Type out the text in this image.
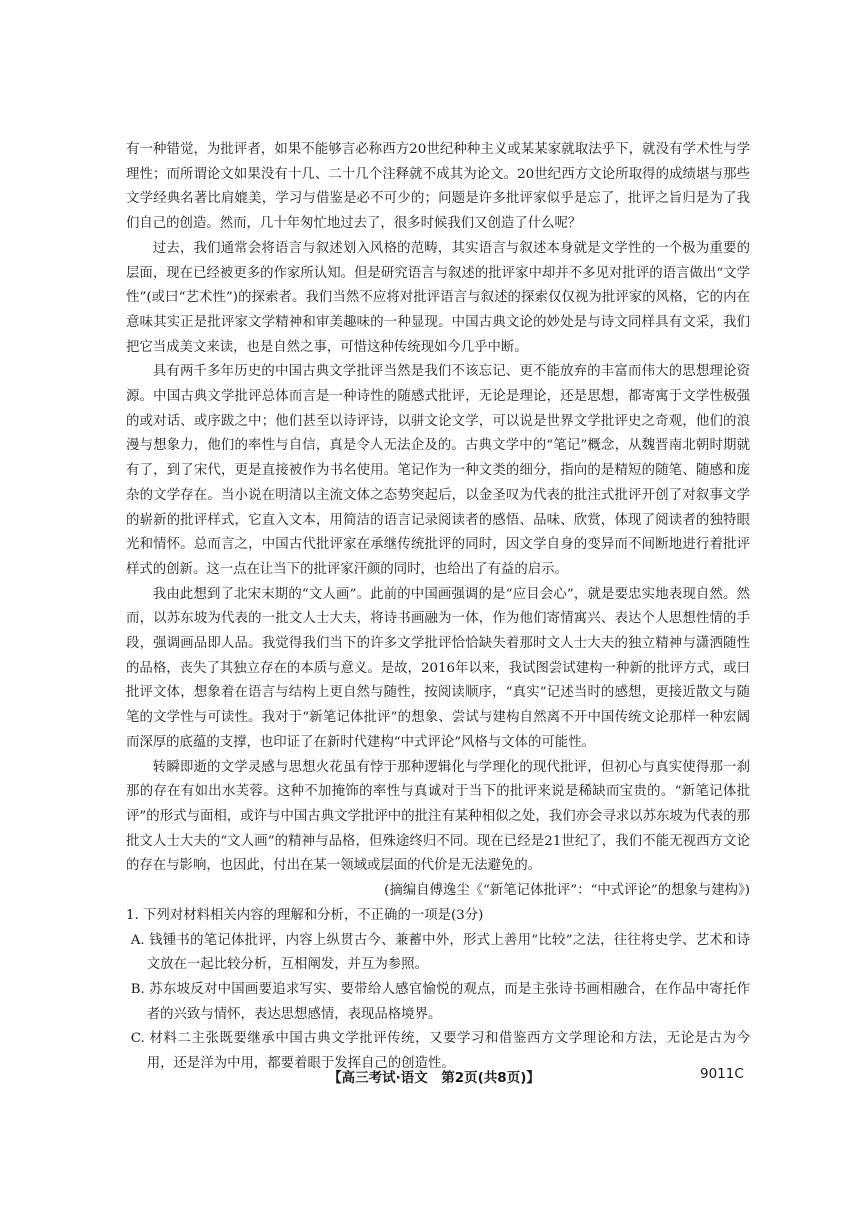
有一种错觉，为批评者，如果不能够言必称西方20世纪种种主义或某某家就取法乎下，就没有学术性与学理性；而所谓论文如果没有十几、二十几个注释就不成其为论文。20世纪西方文论所取得的成绩堪与那些文学经典名著比肩媲美，学习与借鉴是必不可少的；问题是许多批评家似乎是忘了，批评之旨归是为了我们自己的创造。然而，几十年匆忙地过去了，很多时候我们又创造了什么呢？

过去，我们通常会将语言与叙述划入风格的范畴，其实语言与叙述本身就是文学性的一个极为重要的层面，现在已经被更多的作家所认知。但是研究语言与叙述的批评家中却并不多见对批评的语言做出“文学性”(或曰“艺术性”)的探索者。我们当然不应将对批评语言与叙述的探索仅仅视为批评家的风格，它的内在意味其实正是批评家文学精神和审美趣味的一种显现。中国古典文论的妙处是与诗文同样具有文采，我们把它当成美文来读，也是自然之事，可惜这种传统现如今几乎中断。

具有两千多年历史的中国古典文学批评当然是我们不该忘记、更不能放弃的丰富而伟大的思想理论资源。中国古典文学批评总体而言是一种诗性的随感式批评，无论是理论，还是思想，都寄寓于文学性极强的或对话、或序跋之中；他们甚至以诗评诗，以骈文论文学，可以说是世界文学批评史之奇观，他们的浪漫与想象力，他们的率性与自信，真是令人无法企及的。古典文学中的“笔记”概念，从魏晋南北朝时期就有了，到了宋代，更是直接被作为书名使用。笔记作为一种文类的细分，指向的是精短的随笔、随感和庞杂的文学存在。当小说在明清以主流文体之态势突起后，以金圣叹为代表的批注式批评开创了对叙事文学的崭新的批评样式，它直入文本，用简洁的语言记录阅读者的感悟、品味、欣赏，体现了阅读者的独特眼光和情怀。总而言之，中国古代批评家在承继传统批评的同时，因文学自身的变异而不间断地进行着批评样式的创新。这一点在让当下的批评家汗颜的同时，也给出了有益的启示。

我由此想到了北宋末期的“文人画”。此前的中国画强调的是“应目会心”，就是要忠实地表现自然。然而，以苏东坡为代表的一批文人士大夫，将诗书画融为一体，作为他们寄情寓兴、表达个人思想性情的手段，强调画品即人品。我觉得我们当下的许多文学批评恰恰缺失着那时文人士大夫的独立精神与潇洒随性的品格，丧失了其独立存在的本质与意义。是故，2016年以来，我试图尝试建构一种新的批评方式，或曰批评文体，想象着在语言与结构上更自然与随性，按阅读顺序，“真实”记述当时的感想，更接近散文与随笔的文学性与可读性。我对于“新笔记体批评”的想象、尝试与建构自然离不开中国传统文论那样一种宏阔而深厚的底蕴的支撑，也印证了在新时代建构“中式评论”风格与文体的可能性。

转瞬即逝的文学灵感与思想火花虽有悖于那种逻辑化与学理化的现代批评，但初心与真实使得那一刹那的存在有如出水芙蓉。这种不加掩饰的率性与真诚对于当下的批评来说是稀缺而宝贵的。“新笔记体批评”的形式与面相，或许与中国古典文学批评中的批注有某种相似之处，我们亦会寻求以苏东坡为代表的那批文人士大夫的“文人画”的精神与品格，但殊途终归不同。现在已经是21世纪了，我们不能无视西方文论的存在与影响，也因此，付出在某一领域或层面的代价是无法避免的。

(摘编自傅逸尘《“新笔记体批评”：“中式评论”的想象与建构》)

1. 下列对材料相关内容的理解和分析，不正确的一项是(3分)

A. 钱锺书的笔记体批评，内容上纵贯古今、兼蓄中外，形式上善用“比较”之法，往往将史学、艺术和诗文放在一起比较分析，互相阐发，并互为参照。

B. 苏东坡反对中国画要追求写实、要带给人感官愉悦的观点，而是主张诗书画相融合，在作品中寄托作者的兴致与情怀，表达思想感情，表现品格境界。

C. 材料二主张既要继承中国古典文学批评传统，又要学习和借鉴西方文学理论和方法，无论是古为今用，还是洋为中用，都要着眼于发挥自己的创造性。

【高三考试·语文　第2页(共8页)】	9011C
